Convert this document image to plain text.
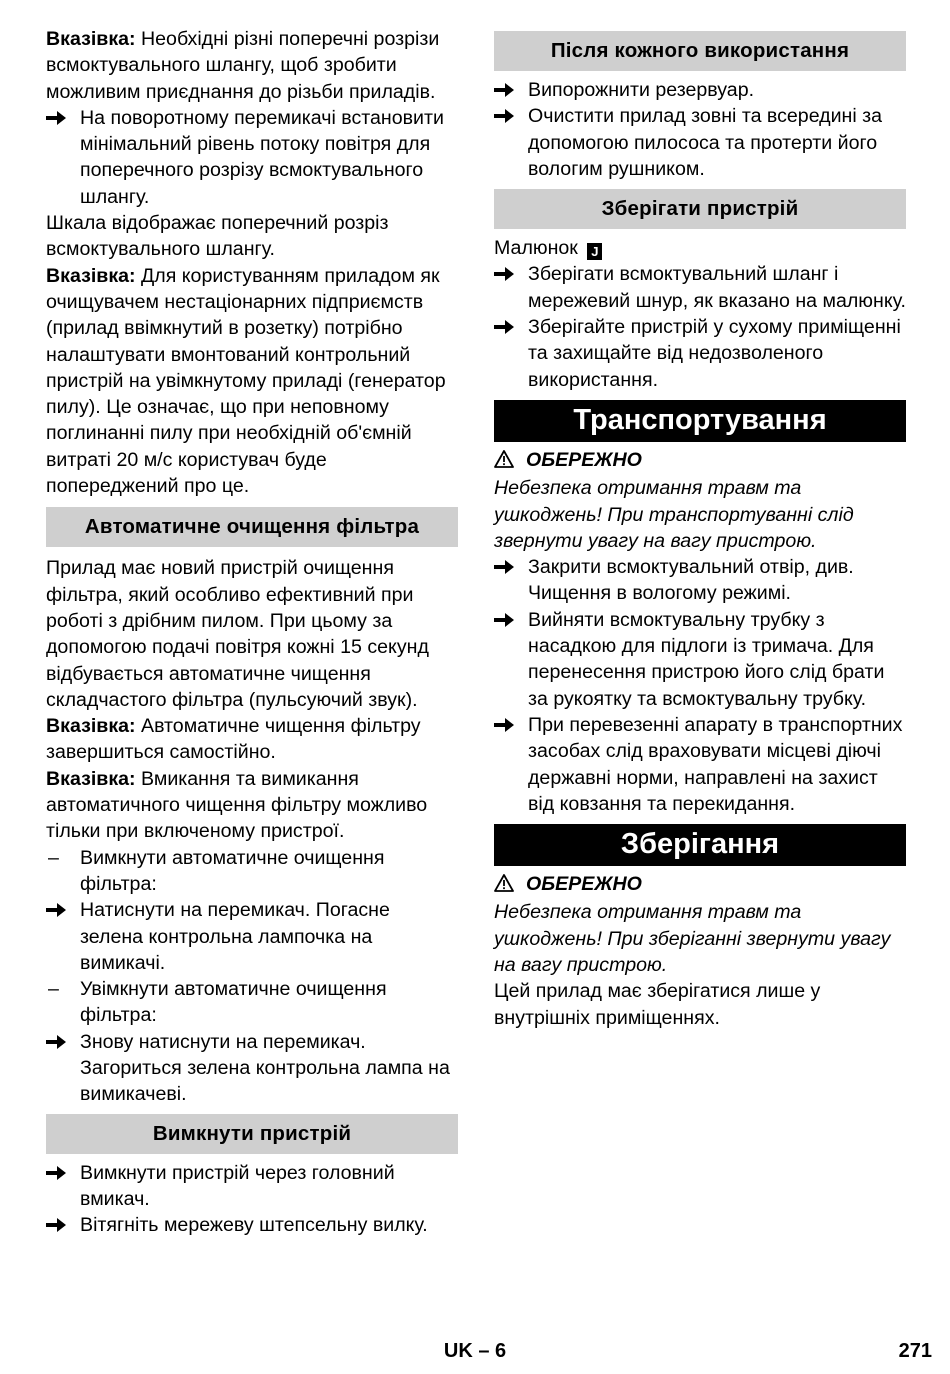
Вказівка: Необхідні різні поперечні розрізи всмоктувального шлангу, щоб зробити можливим приєднання до різьби приладів.

На поворотному перемикачі встановити мінімальний рівень потоку повітря для поперечного розрізу всмоктувального шлангу.

Шкала відображає поперечний розріз всмоктувального шлангу.

Вказівка: Для користуванням приладом як очищувачем нестаціонарних підприємств (прилад ввімкнутий в розетку) потрібно налаштувати вмонтований контрольний пристрій на увімкнутому приладі (генератор пилу). Це означає, що при неповному поглинанні пилу при необхідній об'ємній витраті 20 м/с користувач буде попереджений про це.

Автоматичне очищення фільтра

Прилад має новий пристрій очищення фільтра, який особливо ефективний при роботі з дрібним пилом. При цьому за допомогою подачі повітря кожні 15 секунд відбувається автоматичне чищення складчастого фільтра (пульсуючий звук).

Вказівка: Автоматичне чищення фільтру завершиться самостійно.

Вказівка: Вмикання та вимикання автоматичного чищення фільтру можливо тільки при включеному пристрої.

–	Вимкнути автоматичне очищення фільтра:
Натиснути на перемикач. Погасне зелена контрольна лампочка на вимикачі.
–	Увімкнути автоматичне очищення фільтра:
Знову натиснути на перемикач. Загориться зелена контрольна лампа на вимикачеві.
Вимкнути пристрій
Вимкнути пристрій через головний вмикач.
Вітягніть мережеву штепсельну вилку.
Після кожного використання
Випорожнити резервуар.
Очистити прилад зовні та всередині за допомогою пилососа та протерти його вологим рушником.
Зберігати пристрій

Малюнок J

Зберігати всмоктувальний шланг і мережевий шнур, як вказано на малюнку.
Зберігайте пристрій у сухому приміщенні та захищайте від недозволеного використання.
Транспортування

ОБЕРЕЖНО

Небезпека отримання травм та ушкоджень! При транспортуванні слід звернути увагу на вагу пристрою.

Закрити всмоктувальний отвір, див. Чищення в вологому режимі.
Вийняти всмоктувальну трубку з насадкою для підлоги із тримача. Для перенесення пристрою його слід брати за рукоятку та всмоктувальну трубку.
При перевезенні апарату в транспортних засобах слід враховувати місцеві діючі державні норми, направлені на захист від ковзання та перекидання.
Зберігання

ОБЕРЕЖНО

Небезпека отримання травм та ушкоджень! При зберіганні звернути увагу на вагу пристрою.

Цей прилад має зберігатися лише у внутрішніх приміщеннях.

UK – 6	271
